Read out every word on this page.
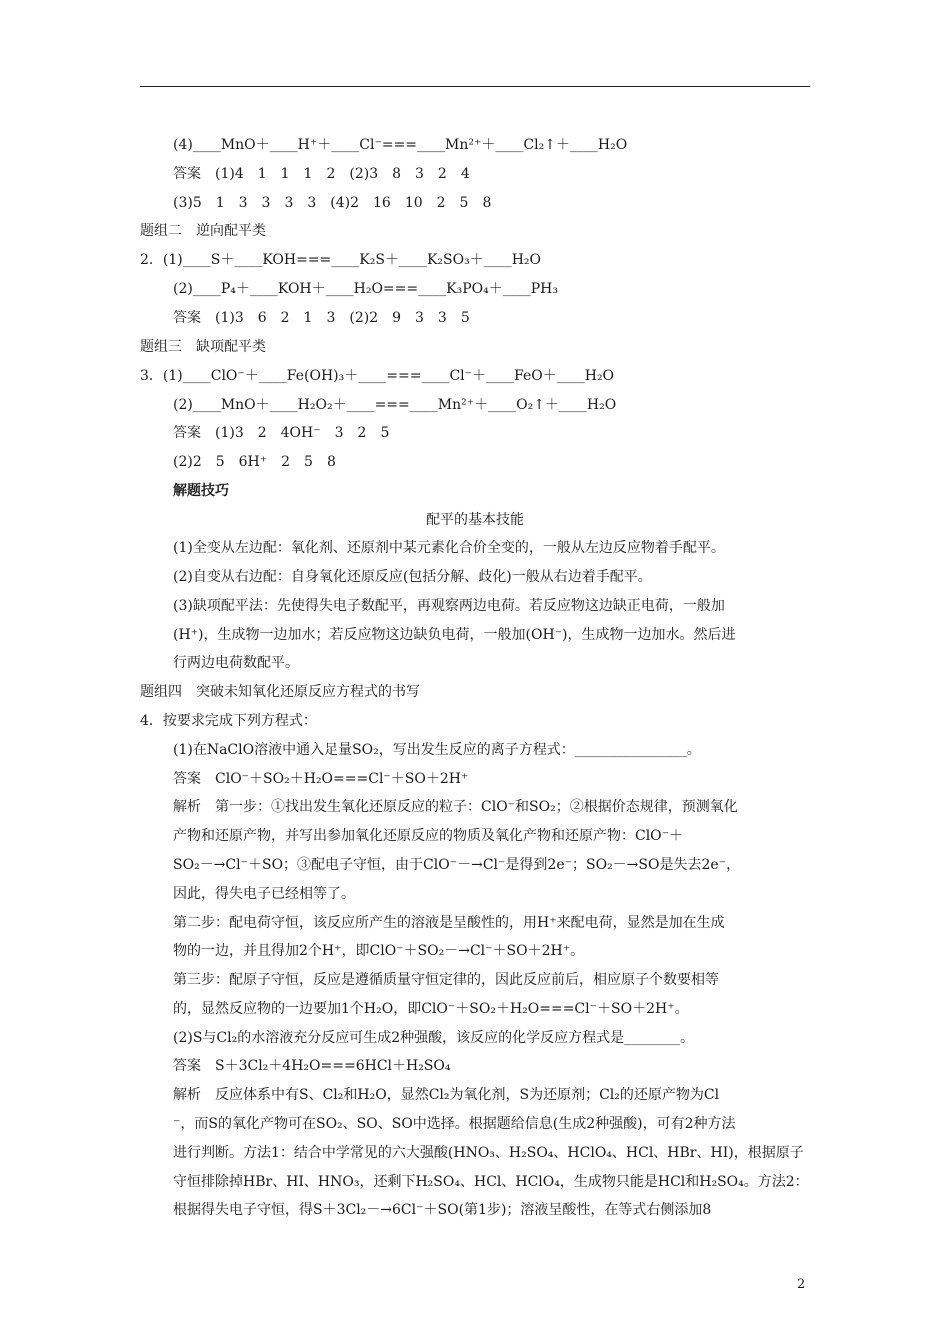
(4)____MnO＋____H⁺＋____Cl⁻===____Mn²⁺＋____Cl₂↑＋____H₂O
答案　(1)4　1　1　1　2　(2)3　8　3　2　4
(3)5　1　3　3　3　3　(4)2　16　10　2　5　8
题组二　逆向配平类
2．(1)____S＋____KOH===____K₂S＋____K₂SO₃＋____H₂O
(2)____P₄＋____KOH＋____H₂O===____K₃PO₄＋____PH₃
答案　(1)3　6　2　1　3　(2)2　9　3　3　5
题组三　缺项配平类
3．(1)____ClO⁻＋____Fe(OH)₃＋____===____Cl⁻＋____FeO＋____H₂O
(2)____MnO＋____H₂O₂＋____===____Mn²⁺＋____O₂↑＋____H₂O
答案　(1)3　2　4OH⁻　3　2　5
(2)2　5　6H⁺　2　5　8
解题技巧
配平的基本技能
(1)全变从左边配：氧化剂、还原剂中某元素化合价全变的，一般从左边反应物着手配平。
(2)自变从右边配：自身氧化还原反应(包括分解、歧化)一般从右边着手配平。
(3)缺项配平法：先使得失电子数配平，再观察两边电荷。若反应物这边缺正电荷，一般加
(H⁺)，生成物一边加水；若反应物这边缺负电荷，一般加(OH⁻)，生成物一边加水。然后进
行两边电荷数配平。
题组四　突破未知氧化还原反应方程式的书写
4．按要求完成下列方程式：
(1)在NaClO溶液中通入足量SO₂，写出发生反应的离子方程式：________________。
答案　ClO⁻＋SO₂＋H₂O===Cl⁻＋SO＋2H⁺
解析　第一步：①找出发生氧化还原反应的粒子：ClO⁻和SO₂；②根据价态规律，预测氧化
产物和还原产物，并写出参加氧化还原反应的物质及氧化产物和还原产物：ClO⁻＋
SO₂－→Cl⁻＋SO；③配电子守恒，由于ClO⁻－→Cl⁻是得到2e⁻；SO₂－→SO是失去2e⁻，
因此，得失电子已经相等了。
第二步：配电荷守恒，该反应所产生的溶液是呈酸性的，用H⁺来配电荷，显然是加在生成
物的一边，并且得加2个H⁺，即ClO⁻＋SO₂－→Cl⁻＋SO＋2H⁺。
第三步：配原子守恒，反应是遵循质量守恒定律的，因此反应前后，相应原子个数要相等
的，显然反应物的一边要加1个H₂O，即ClO⁻＋SO₂＋H₂O===Cl⁻＋SO＋2H⁺。
(2)S与Cl₂的水溶液充分反应可生成2种强酸，该反应的化学反应方程式是________。
答案　S＋3Cl₂＋4H₂O===6HCl＋H₂SO₄
解析　反应体系中有S、Cl₂和H₂O，显然Cl₂为氧化剂，S为还原剂；Cl₂的还原产物为Cl
⁻，而S的氧化产物可在SO₂、SO、SO中选择。根据题给信息(生成2种强酸)，可有2种方法
进行判断。方法1：结合中学常见的六大强酸(HNO₃、H₂SO₄、HClO₄、HCl、HBr、HI)，根据原子
守恒排除掉HBr、HI、HNO₃，还剩下H₂SO₄、HCl、HClO₄，生成物只能是HCl和H₂SO₄。方法2：
根据得失电子守恒，得S＋3Cl₂－→6Cl⁻＋SO(第1步)；溶液呈酸性，在等式右侧添加8
2
